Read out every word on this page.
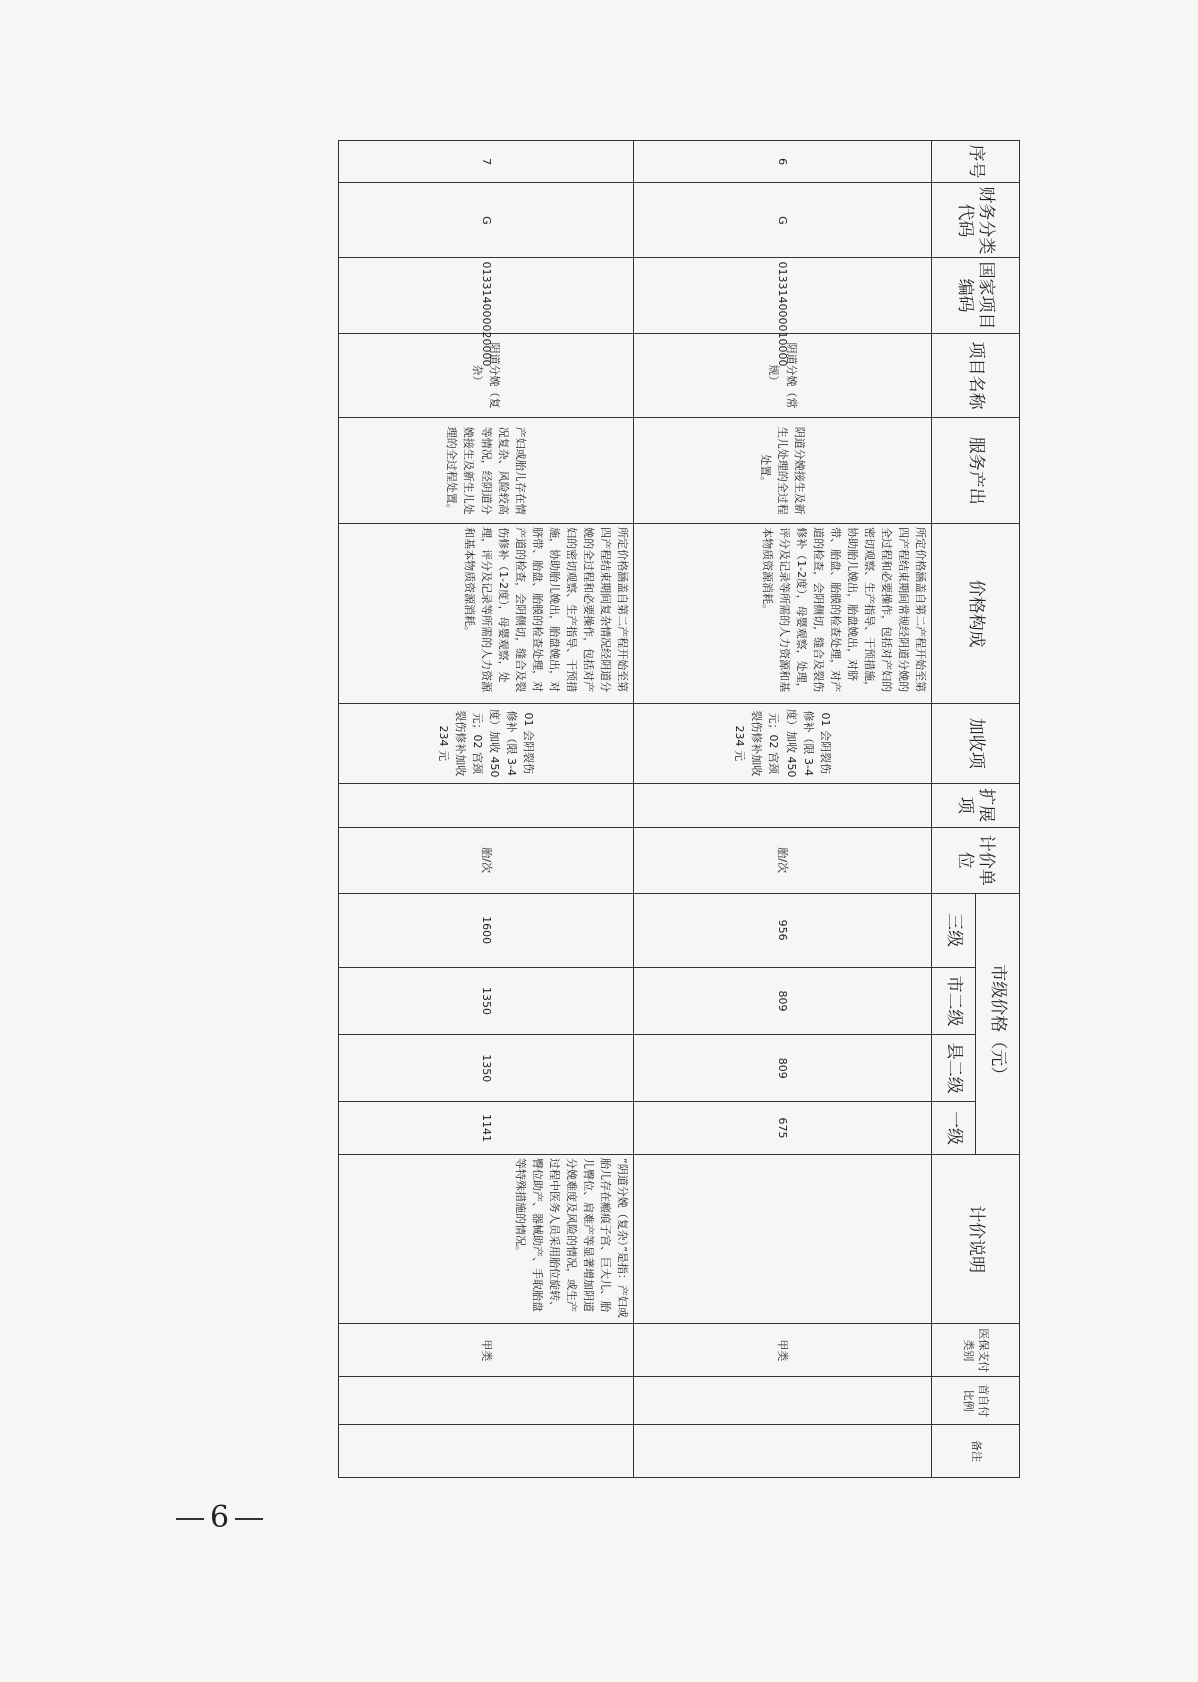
序号	财务分类代码	国家项目编码	项目名称	服务产出	价格构成	加收项	扩展项	计价单位	市级价格（元）				计价说明	医保支付类别	首自付比例	备注
									三级	市二级	县二级	一级				
6	G	013314000010000	阴道分娩（常规）	阴道分娩接生及新生儿处理的全过程处置。	所定价格涵盖自第二产程开始至第四产程结束期间常规经阴道分娩的全过程和必要操作，包括对产妇的密切观察、生产指导、干预措施，协助胎儿娩出，胎盘娩出，对脐带、胎盘、胎膜的检查处理，对产道的检查，会阴侧切，缝合及裂伤修补（1-2度），母婴观察，处理，评分及记录等所需的人力资源和基本物质资源消耗。	01 会阴裂伤修补（限 3-4 度）加收 450 元；02 宫颈裂伤修补加收 234 元		胎/次	956	809	809	675		甲类		
7	G	013314000020000	阴道分娩（复杂）	产妇或胎儿存在情况复杂、风险较高等情况，经阴道分娩接生及新生儿处理的全过程处置。	所定价格涵盖自第二产程开始至第四产程结束期间复杂情况经阴道分娩的全过程和必要操作，包括对产妇的密切观察、生产指导、干预措施，协助胎儿娩出，胎盘娩出，对脐带、胎盘、胎膜的检查处理，对产道的检查，会阴侧切，缝合及裂伤修补（1-2度），母婴观察，处理，评分及记录等所需的人力资源和基本物质资源消耗。	01 会阴裂伤修补（限 3-4 度）加收 450 元；02 宫颈裂伤修补加收 234 元		胎/次	1600	1350	1350	1141	“阴道分娩（复杂）”是指：产妇或胎儿存在瘢痕子宫、巨大儿、胎儿臀位、肩难产等显著增加阴道分娩难度及风险的情况，或生产过程中医务人员采用胎位旋转、臀位助产、器械助产、手取胎盘等特殊措施的情况。	甲类		
6
